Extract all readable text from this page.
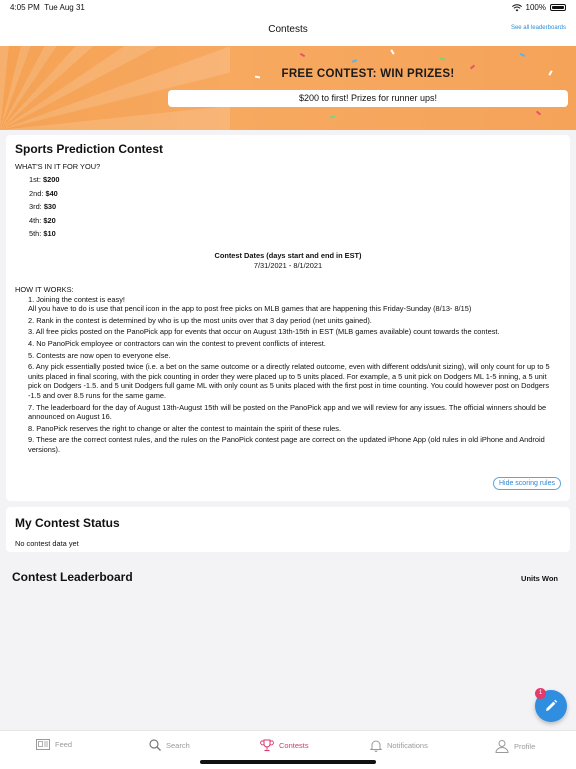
4:05 PM Tue Aug 31	100%
Contests	See all leaderboards
FREE CONTEST: WIN PRIZES!
$200 to first! Prizes for runner ups!
Sports Prediction Contest
WHAT'S IN IT FOR YOU?
1st: $200
2nd: $40
3rd: $30
4th: $20
5th: $10
Contest Dates (days start and end in EST)
7/31/2021 - 8/1/2021
HOW IT WORKS:
1. Joining the contest is easy!
All you have to do is use that pencil icon in the app to post free picks on MLB games that are happening this Friday-Sunday (8/13- 8/15)
2. Rank in the contest is determined by who is up the most units over that 3 day period (net units gained).
3. All free picks posted on the PanoPick app for events that occur on August 13th-15th in EST (MLB games available) count towards the contest.
4. No PanoPick employee or contractors can win the contest to prevent conflicts of interest.
5. Contests are now open to everyone else.
6. Any pick essentially posted twice (i.e. a bet on the same outcome or a directly related outcome, even with different odds/unit sizing), will only count for up to 5 units placed in final scoring, with the pick counting in order they were placed up to 5 units placed. For example, a 5 unit pick on Dodgers ML 1-5 inning, a 5 unit pick on Dodgers -1.5. and 5 unit Dodgers full game ML with only count as 5 units placed with the first post in time counting. You could however post on Dodgers -1.5 and over 8.5 runs for the same game.
7. The leaderboard for the day of August 13th-August 15th will be posted on the PanoPick app and we will review for any issues. The official winners should be announced on August 16.
8. PanoPick reserves the right to change or alter the contest to maintain the spirit of these rules.
9. These are the correct contest rules, and the rules on the PanoPick contest page are correct on the updated iPhone App (old rules in old iPhone and Android versions).
Hide scoring rules
My Contest Status
No contest data yet
Contest Leaderboard	Units Won
1
Feed	Search	Contests	Notifications	Profile
